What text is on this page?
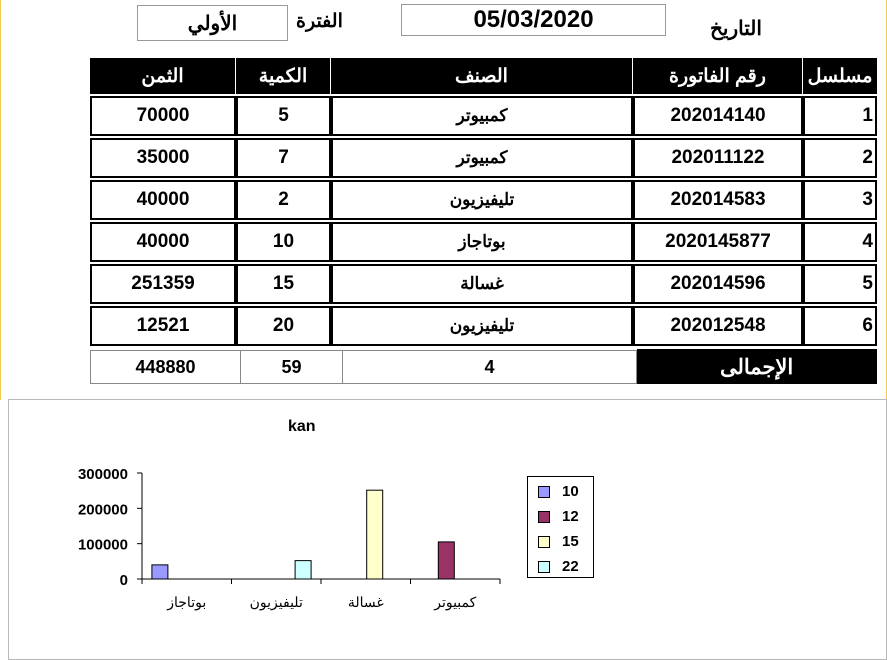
الأولي	الفترة	05/03/2020	التاريخ
الثمن	الكمية	الصنف	رقم الفاتورة	مسلسل
70000	5	كمبيوتر	202014140	1
35000	7	كمبيوتر	202011122	2
40000	2	تليفيزيون	202014583	3
40000	10	بوتاجاز	2020145877	4
251359	15	غسالة	202014596	5
12521	20	تليفيزيون	202012548	6
448880	59	4	الإجمالى
kan
0
100000
200000
300000
بوتاجاز	تليفيزيون	غسالة	كمبيوتر
10
12
15
22
